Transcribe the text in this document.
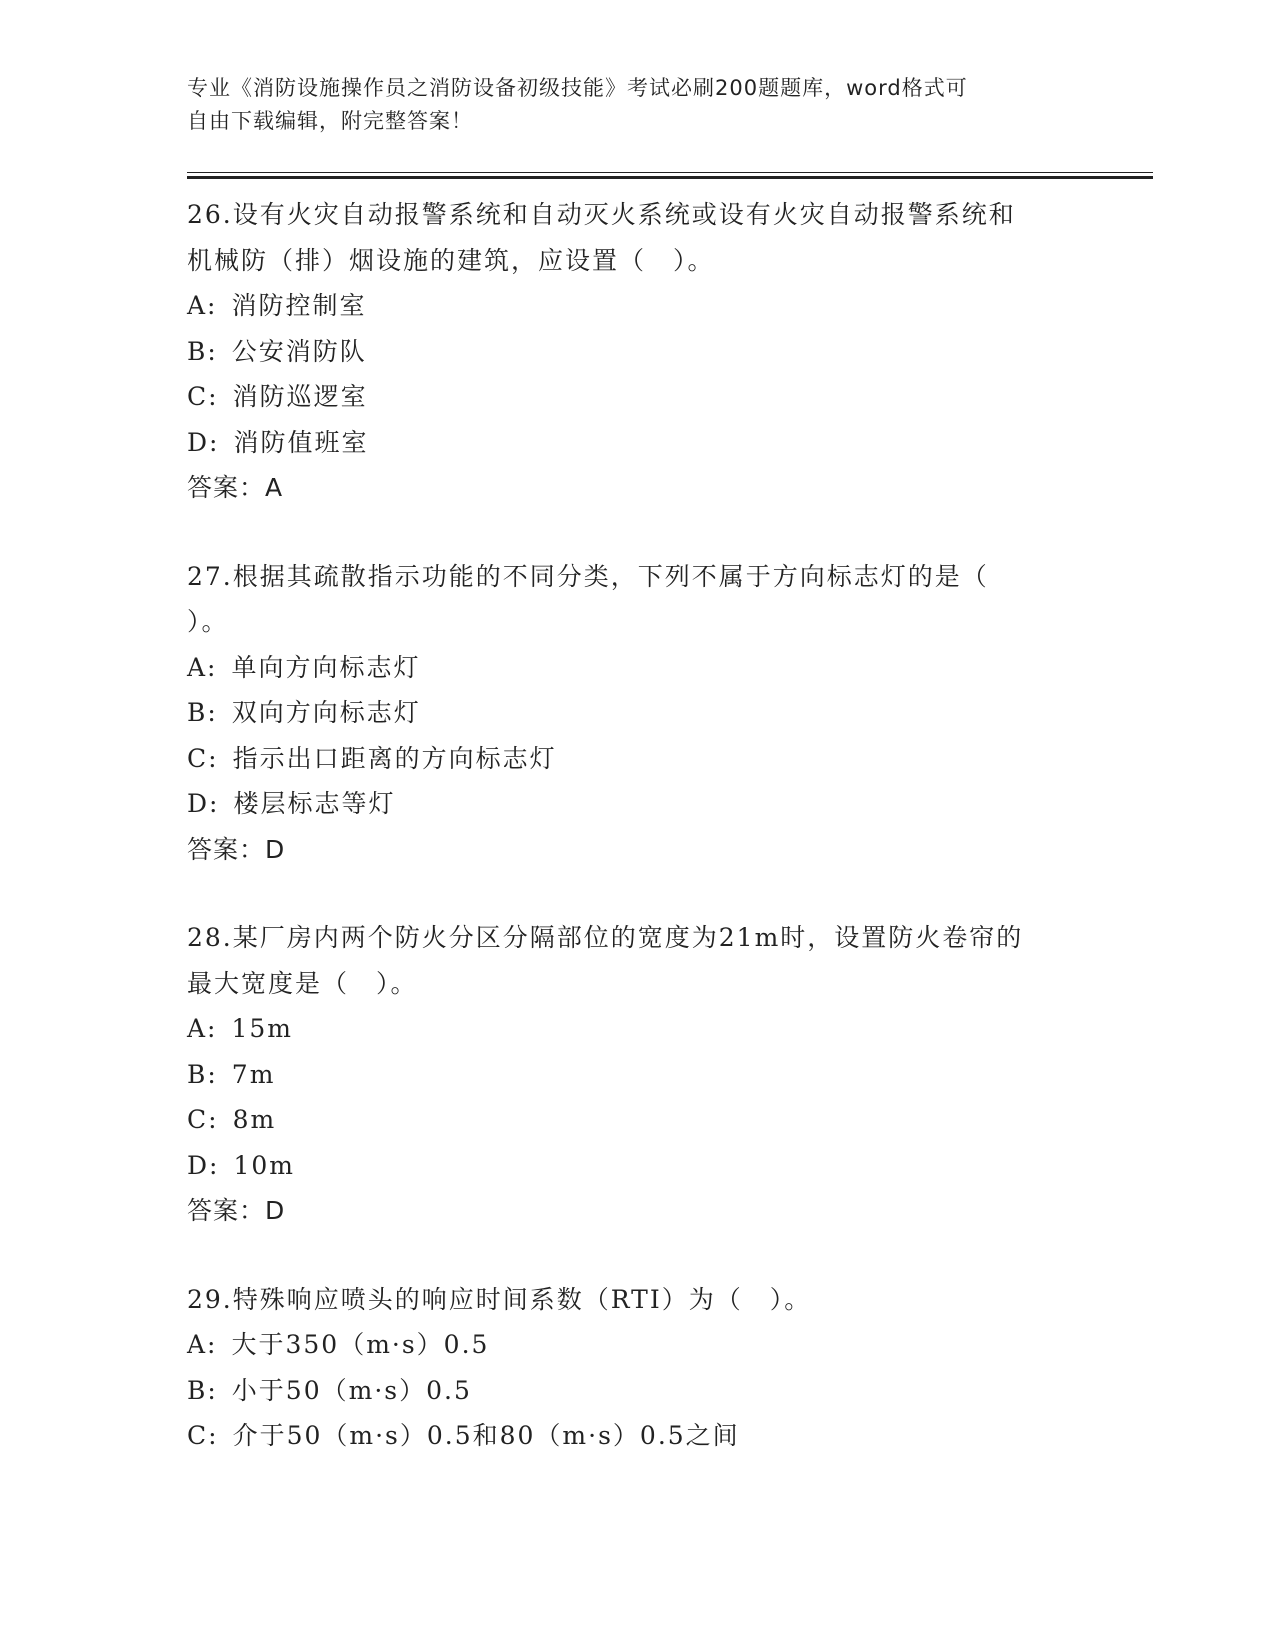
专业《消防设施操作员之消防设备初级技能》考试必刷200题题库，word格式可
自由下载编辑，附完整答案！
26.设有火灾自动报警系统和自动灭火系统或设有火灾自动报警系统和
机械防（排）烟设施的建筑，应设置（　）。
A: 消防控制室
B: 公安消防队
C: 消防巡逻室
D: 消防值班室
答案：A
27.根据其疏散指示功能的不同分类，下列不属于方向标志灯的是（
）。
A: 单向方向标志灯
B: 双向方向标志灯
C: 指示出口距离的方向标志灯
D: 楼层标志等灯
答案：D
28.某厂房内两个防火分区分隔部位的宽度为21m时，设置防火卷帘的
最大宽度是（　）。
A: 15m
B: 7m
C: 8m
D: 10m
答案：D
29.特殊响应喷头的响应时间系数（RTI）为（　）。
A: 大于350（m·s）0.5
B: 小于50（m·s）0.5
C: 介于50（m·s）0.5和80（m·s）0.5之间
